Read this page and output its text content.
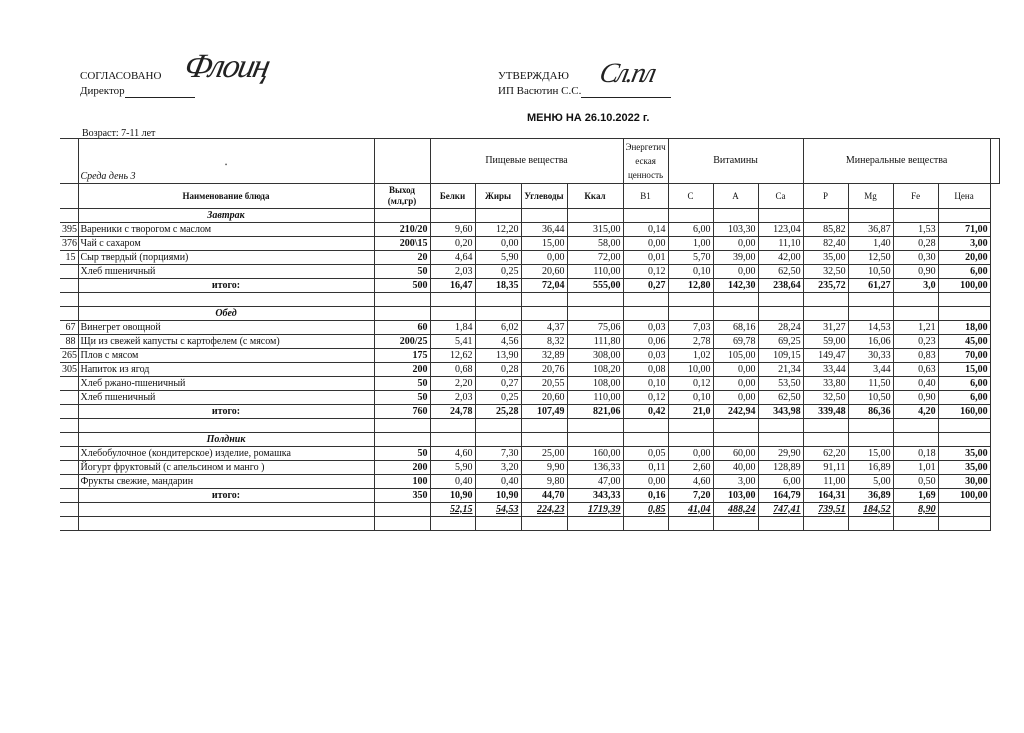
СОГЛАСОВАНО
Директор
Флоиң	УТВЕРЖДАЮ
ИП Васютин С.С.
Сл.пл
МЕНЮ НА 26.10.2022 г.
Возраст: 7-11 лет

	•
Среда день 3		Пищевые вещества				Энергетич
еская
ценность	Витамины			Минеральные вещества				
	Наименование блюда	Выход
(мл,гр)	Белки	Жиры	Углеводы	Ккал	B1	C	A	Ca	P	Mg	Fe	Цена	
	Завтрак														
395	Вареники с творогом с маслом	210/20	9,60	12,20	36,44	315,00	0,14	6,00	103,30	123,04	85,82	36,87	1,53	71,00	
376	Чай с сахаром	200\15	0,20	0,00	15,00	58,00	0,00	1,00	0,00	11,10	82,40	1,40	0,28	3,00	
15	Сыр твердый (порциями)	20	4,64	5,90	0,00	72,00	0,01	5,70	39,00	42,00	35,00	12,50	0,30	20,00	
	Хлеб пшеничный	50	2,03	0,25	20,60	110,00	0,12	0,10	0,00	62,50	32,50	10,50	0,90	6,00	
	итого:	500	16,47	18,35	72,04	555,00	0,27	12,80	142,30	238,64	235,72	61,27	3,0	100,00	

	Обед														
67	Винегрет овощной	60	1,84	6,02	4,37	75,06	0,03	7,03	68,16	28,24	31,27	14,53	1,21	18,00	
88	Щи из свежей капусты с картофелем (с мясом)	200/25	5,41	4,56	8,32	111,80	0,06	2,78	69,78	69,25	59,00	16,06	0,23	45,00	
265	Плов с мясом	175	12,62	13,90	32,89	308,00	0,03	1,02	105,00	109,15	149,47	30,33	0,83	70,00	
305	Напиток из ягод	200	0,68	0,28	20,76	108,20	0,08	10,00	0,00	21,34	33,44	3,44	0,63	15,00	
	Хлеб ржано-пшеничный	50	2,20	0,27	20,55	108,00	0,10	0,12	0,00	53,50	33,80	11,50	0,40	6,00	
	Хлеб пшеничный	50	2,03	0,25	20,60	110,00	0,12	0,10	0,00	62,50	32,50	10,50	0,90	6,00	
	итого:	760	24,78	25,28	107,49	821,06	0,42	21,0	242,94	343,98	339,48	86,36	4,20	160,00	

	Полдник														
	Хлебобулочное (кондитерское) изделие, ромашка	50	4,60	7,30	25,00	160,00	0,05	0,00	60,00	29,90	62,20	15,00	0,18	35,00	
	Йогурт фруктовый (с апельсином и манго )	200	5,90	3,20	9,90	136,33	0,11	2,60	40,00	128,89	91,11	16,89	1,01	35,00	
	Фрукты свежие, мандарин	100	0,40	0,40	9,80	47,00	0,00	4,60	3,00	6,00	11,00	5,00	0,50	30,00	
	итого:	350	10,90	10,90	44,70	343,33	0,16	7,20	103,00	164,79	164,31	36,89	1,69	100,00	
			52,15	54,53	224,23	1719,39	0,85	41,04	488,24	747,41	739,51	184,52	8,90		
